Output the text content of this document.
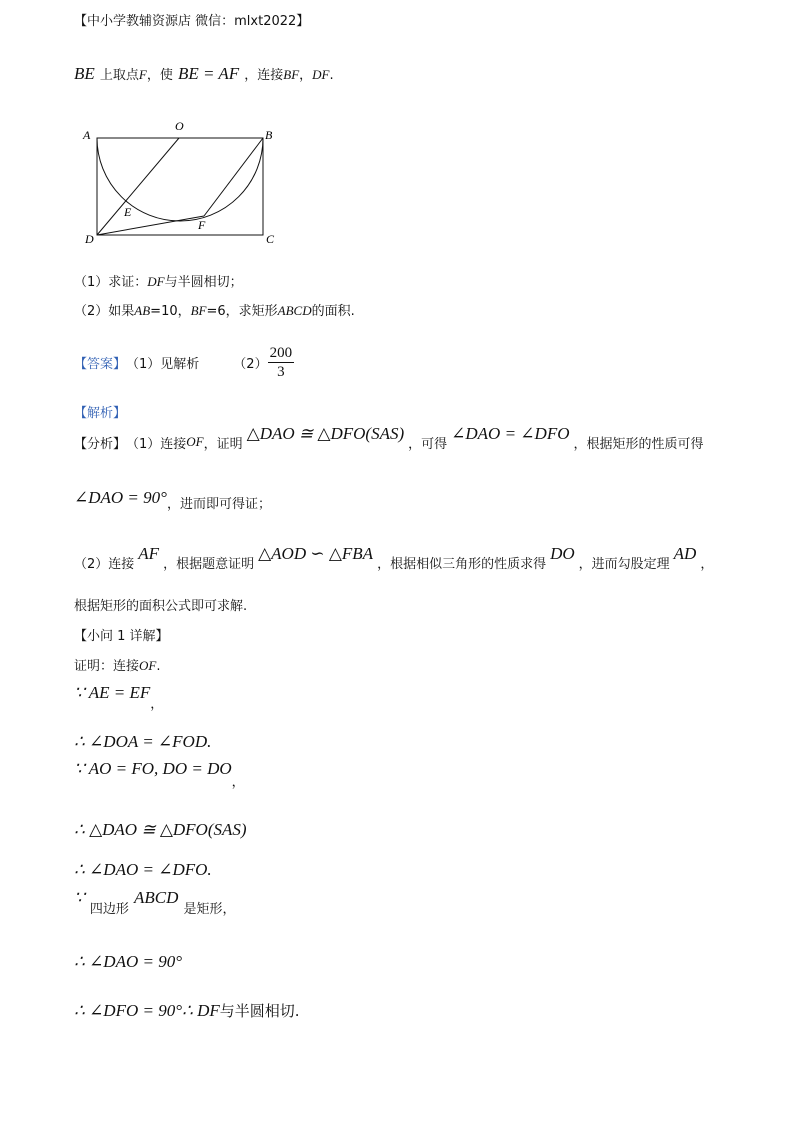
【中小学教辅资源店 微信：mlxt2022】
BE 上取点F，使 BE = AF ，连接BF，DF.
A
O
B
E
F
D	C
（1）求证：DF与半圆相切；
（2）如果AB=10，BF=6，求矩形ABCD的面积.
【答案】 （1）见解析	$(2) \frac{200}{3}$
【解析】
【分析】 （1）连接 OF ，证明
△DAO ≅ △DFO(SAS)
，可得
∠DAO = ∠DFO
，根据矩形的性质可得
∠DAO = 90° ，进而即可得证；
（2）连接
AF
，根据题意证明
△AOD ∽ △FBA
，根据相似三角形的性质求得
DO
，进而勾股定理
AD
，
根据矩形的面积公式即可求解.
【小问 1 详解】
证明：连接OF.
∵ AE = $EF_,$
∴ ∠DOA = ∠FOD.
∵ AO = FO, DO = $DO_,$
∴ △DAO ≅ △DFO(SAS)
∴ ∠DAO = ∠DFO.
∵ $_{四边形}$ ABCD $_{是矩形,}$
∴ ∠DAO = 90°
∴ ∠DFO = 90°∴ DF与半圆相切.
